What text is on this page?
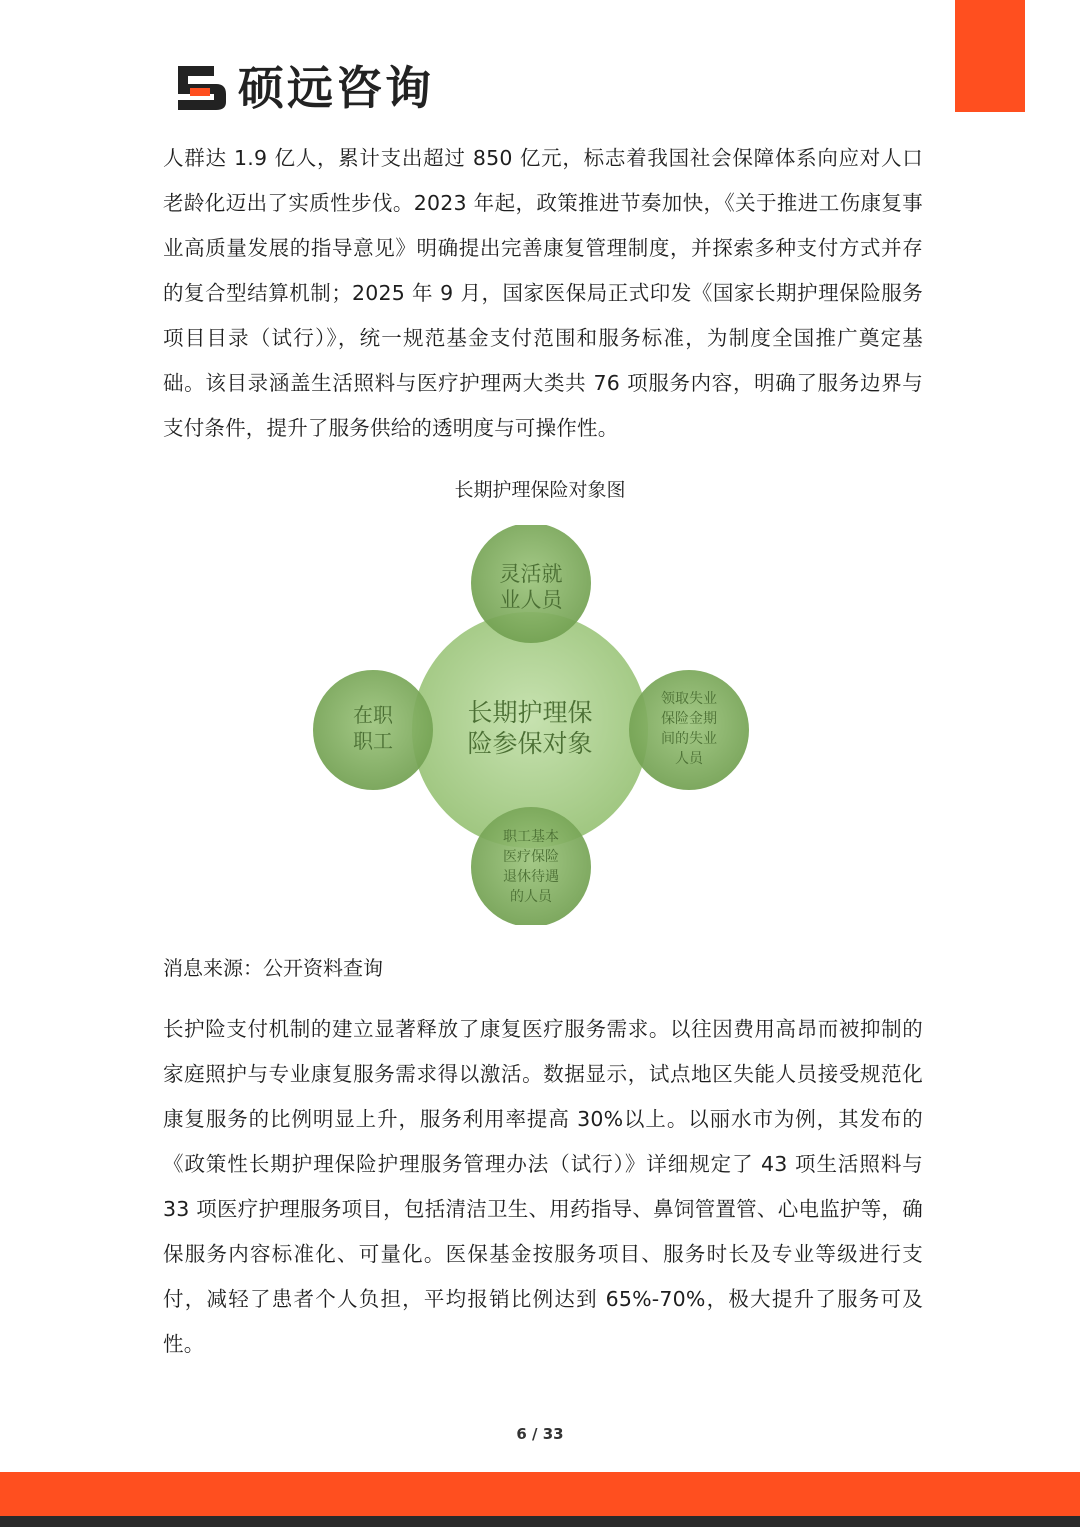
硕远咨询

人群达 1.9 亿人，累计支出超过 850 亿元，标志着我国社会保障体系向应对人口老龄化迈出了实质性步伐。2023 年起，政策推进节奏加快，《关于推进工伤康复事业高质量发展的指导意见》明确提出完善康复管理制度，并探索多种支付方式并存的复合型结算机制；2025 年 9 月，国家医保局正式印发《国家长期护理保险服务项目目录（试行）》，统一规范基金支付范围和服务标准，为制度全国推广奠定基础。该目录涵盖生活照料与医疗护理两大类共 76 项服务内容，明确了服务边界与支付条件，提升了服务供给的透明度与可操作性。

长期护理保险对象图
长期护理保
险参保对象
灵活就
业人员
在职
职工
领取失业
保险金期
间的失业
人员
职工基本
医疗保险
退休待遇
的人员
消息来源：公开资料查询

长护险支付机制的建立显著释放了康复医疗服务需求。以往因费用高昂而被抑制的家庭照护与专业康复服务需求得以激活。数据显示，试点地区失能人员接受规范化康复服务的比例明显上升，服务利用率提高 30%以上。以丽水市为例，其发布的《政策性长期护理保险护理服务管理办法（试行）》详细规定了 43 项生活照料与 33 项医疗护理服务项目，包括清洁卫生、用药指导、鼻饲管置管、心电监护等，确保服务内容标准化、可量化。医保基金按服务项目、服务时长及专业等级进行支付，减轻了患者个人负担，平均报销比例达到 65%-70%，极大提升了服务可及性。

6 / 33
